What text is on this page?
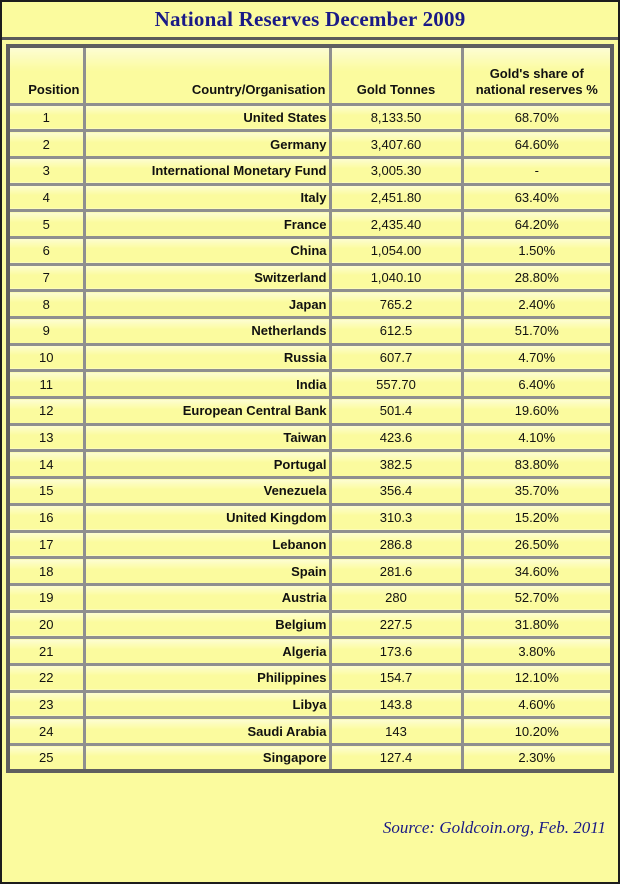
National Reserves December 2009
Position	Country/Organisation	Gold Tonnes	Gold's share of national reserves %
1	United States	8,133.50	68.70%
2	Germany	3,407.60	64.60%
3	International Monetary Fund	3,005.30	-
4	Italy	2,451.80	63.40%
5	France	2,435.40	64.20%
6	China	1,054.00	1.50%
7	Switzerland	1,040.10	28.80%
8	Japan	765.2	2.40%
9	Netherlands	612.5	51.70%
10	Russia	607.7	4.70%
11	India	557.70	6.40%
12	European Central Bank	501.4	19.60%
13	Taiwan	423.6	4.10%
14	Portugal	382.5	83.80%
15	Venezuela	356.4	35.70%
16	United Kingdom	310.3	15.20%
17	Lebanon	286.8	26.50%
18	Spain	281.6	34.60%
19	Austria	280	52.70%
20	Belgium	227.5	31.80%
21	Algeria	173.6	3.80%
22	Philippines	154.7	12.10%
23	Libya	143.8	4.60%
24	Saudi Arabia	143	10.20%
25	Singapore	127.4	2.30%
Source: Goldcoin.org, Feb. 2011
